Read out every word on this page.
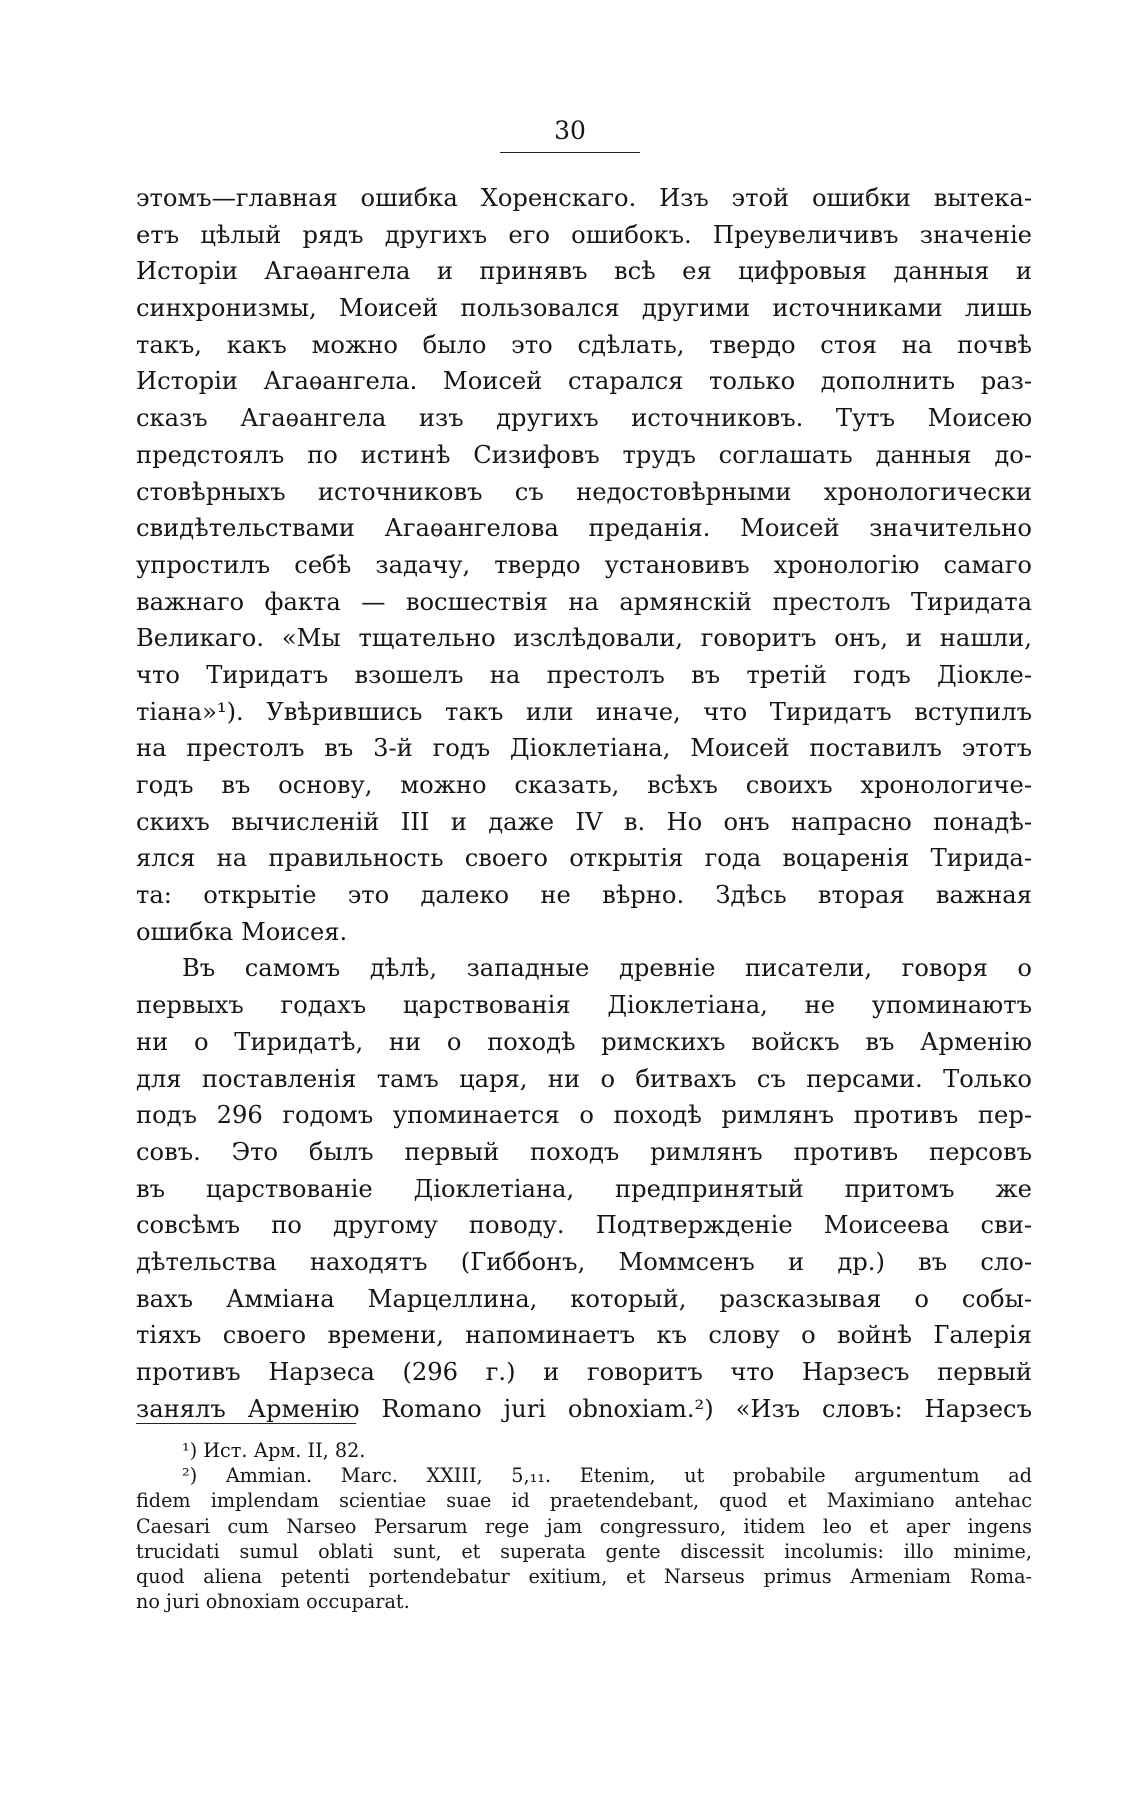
30
этомъ—главная ошибка Хоренскаго. Изъ этой ошибки вытека-
етъ цѣлый рядъ другихъ его ошибокъ. Преувеличивъ значеніе
Исторіи Агаѳангела и принявъ всѣ ея цифровыя данныя и
синхронизмы, Моисей пользовался другими источниками лишь
такъ, какъ можно было это сдѣлать, твердо стоя на почвѣ
Исторіи Агаѳангела. Моисей старался только дополнить раз-
сказъ Агаѳангела изъ другихъ источниковъ. Тутъ Моисею
предстоялъ по истинѣ Сизифовъ трудъ соглашать данныя до-
стовѣрныхъ источниковъ съ недостовѣрными хронологически
свидѣтельствами Агаѳангелова преданія. Моисей значительно
упростилъ себѣ задачу, твердо установивъ хронологію самаго
важнаго факта — восшествія на армянскій престолъ Тиридата
Великаго. «Мы тщательно изслѣдовали, говоритъ онъ, и нашли,
что Тиридатъ взошелъ на престолъ въ третій годъ Діоклe-
тіана»¹). Увѣрившись такъ или иначе, что Тиридатъ вступилъ
на престолъ въ 3-й годъ Діоклетіана, Моисей поставилъ этотъ
годъ въ основу, можно сказать, всѣхъ своихъ хронологиче-
скихъ вычисленій III и даже IV в. Но онъ напрасно понадѣ-
ялся на правильность своего открытія года воцаренія Тирида-
та: открытіе это далеко не вѣрно. Здѣсь вторая важная
ошибка Моисея.
Въ самомъ дѣлѣ, западные древніе писатели, говоря о
первыхъ годахъ царствованія Діоклетіана, не упоминаютъ
ни о Тиридатѣ, ни о походѣ римскихъ войскъ въ Арменію
для поставленія тамъ царя, ни о битвахъ съ персами. Только
подъ 296 годомъ упоминается о походѣ римлянъ противъ пер-
совъ. Это былъ первый походъ римлянъ противъ персовъ
въ царствованіе Діоклетіана, предпринятый притомъ же
совсѣмъ по другому поводу. Подтвержденіе Моисеева сви-
дѣтельства находятъ (Гиббонъ, Моммсенъ и др.) въ сло-
вахъ Аммiана Марцеллина, который, разсказывая о собы-
тіяхъ своего времени, напоминаетъ къ слову о войнѣ Галерія
противъ Нарзеса (296 г.) и говоритъ что Нарзесъ первый
занялъ Арменію Romano juri obnoxiam.²) «Изъ словъ: Нарзесъ
¹) Ист. Арм. II, 82.
²) Ammian. Marc. XXIII, 5,₁₁. Etenim, ut probabile argumentum ad
fidem implendam scientiae suae id praetendebant, quod et Maximiano antehac
Caesari cum Narseo Persarum rege jam congressuro, itidem leo et aper ingens
trucidati sumul oblati sunt, et superata gente discessit incolumis: illo minime,
quod aliena petenti portendebatur exitium, et Narseus primus Armeniam Roma-
no juri obnoxiam occuparat.
